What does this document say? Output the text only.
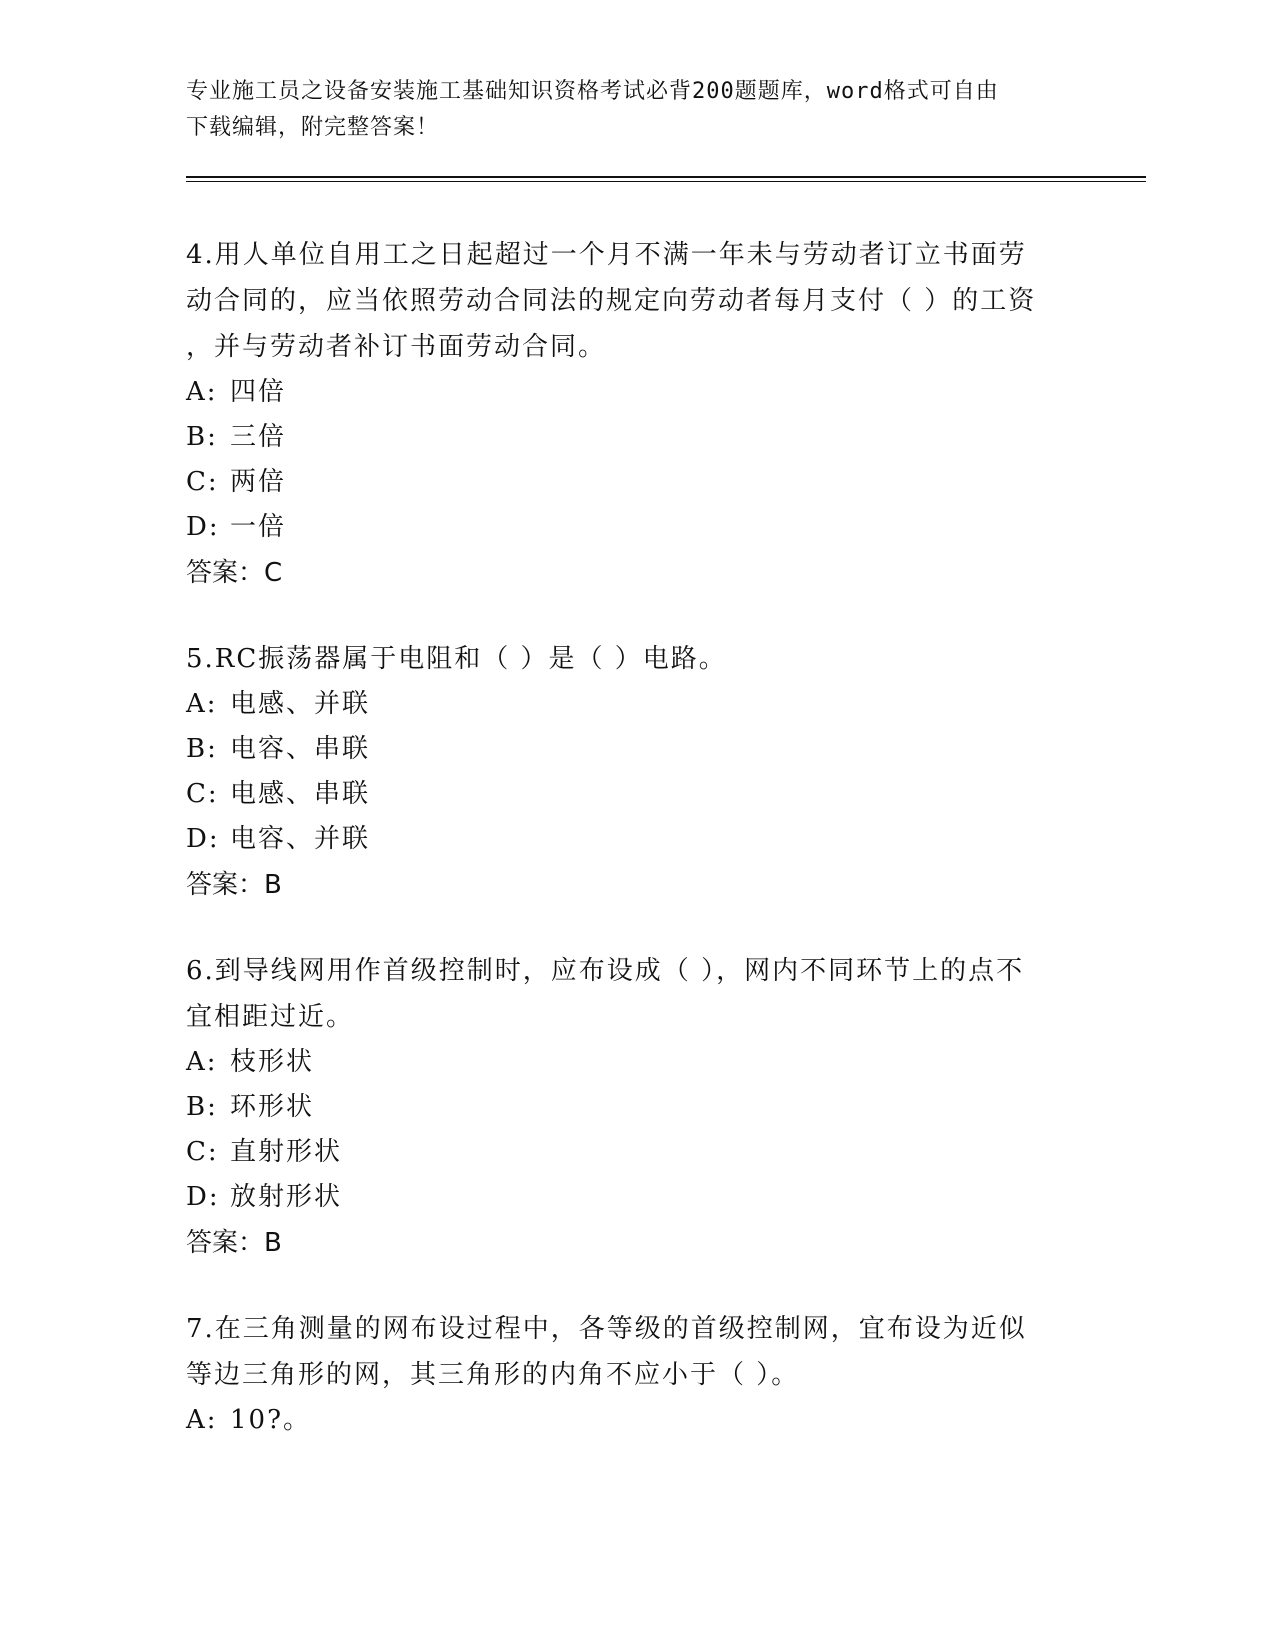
专业施工员之设备安装施工基础知识资格考试必背200题题库，word格式可自由
下载编辑，附完整答案！
4.用人单位自用工之日起超过一个月不满一年未与劳动者订立书面劳
动合同的，应当依照劳动合同法的规定向劳动者每月支付（ ）的工资
，并与劳动者补订书面劳动合同。
A: 四倍
B: 三倍
C: 两倍
D: 一倍
答案：C
5.RC振荡器属于电阻和（ ）是（ ）电路。
A: 电感、并联
B: 电容、串联
C: 电感、串联
D: 电容、并联
答案：B
6.到导线网用作首级控制时，应布设成（ ），网内不同环节上的点不
宜相距过近。
A: 枝形状
B: 环形状
C: 直射形状
D: 放射形状
答案：B
7.在三角测量的网布设过程中，各等级的首级控制网，宜布设为近似
等边三角形的网，其三角形的内角不应小于（ ）。
A: 10?。
